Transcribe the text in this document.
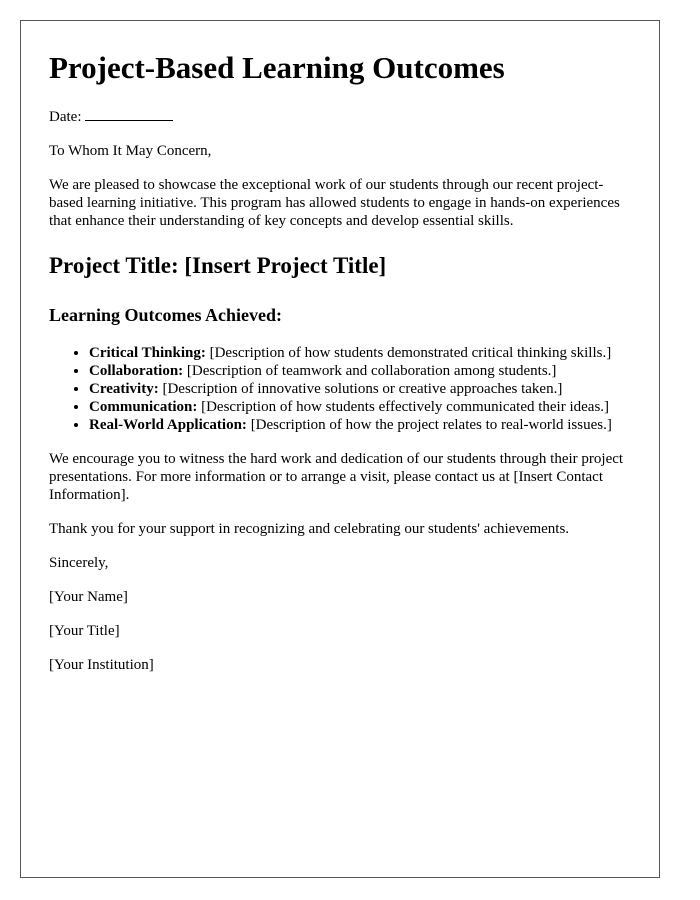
Project-Based Learning Outcomes

Date:

To Whom It May Concern,

We are pleased to showcase the exceptional work of our students through our recent project-based learning initiative. This program has allowed students to engage in hands-on experiences that enhance their understanding of key concepts and develop essential skills.

Project Title: [Insert Project Title]
Learning Outcomes Achieved:
• Critical Thinking: [Description of how students demonstrated critical thinking skills.]
• Collaboration: [Description of teamwork and collaboration among students.]
• Creativity: [Description of innovative solutions or creative approaches taken.]
• Communication: [Description of how students effectively communicated their ideas.]
• Real-World Application: [Description of how the project relates to real-world issues.]

We encourage you to witness the hard work and dedication of our students through their project presentations. For more information or to arrange a visit, please contact us at [Insert Contact Information].

Thank you for your support in recognizing and celebrating our students' achievements.

Sincerely,

[Your Name]

[Your Title]

[Your Institution]
